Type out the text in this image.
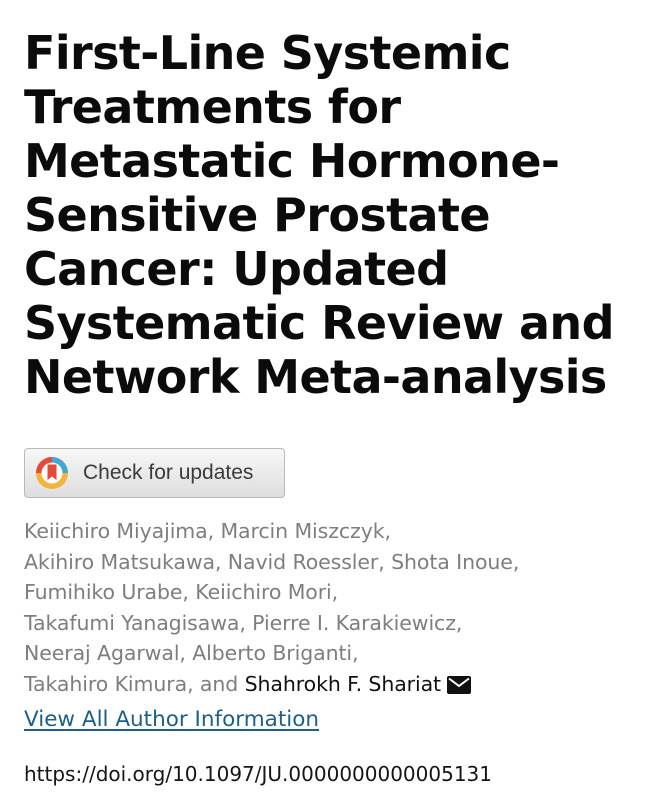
First-Line Systemic
Treatments for
Metastatic Hormone-
Sensitive Prostate
Cancer: Updated
Systematic Review and
Network Meta-analysis
Check for updates
Keiichiro Miyajima, Marcin Miszczyk,
Akihiro Matsukawa, Navid Roessler, Shota Inoue,
Fumihiko Urabe, Keiichiro Mori,
Takafumi Yanagisawa, Pierre I. Karakiewicz,
Neeraj Agarwal, Alberto Briganti,
Takahiro Kimura, and Shahrokh F. Shariat
View All Author Information
https://doi.org/10.1097/JU.0000000000005131
